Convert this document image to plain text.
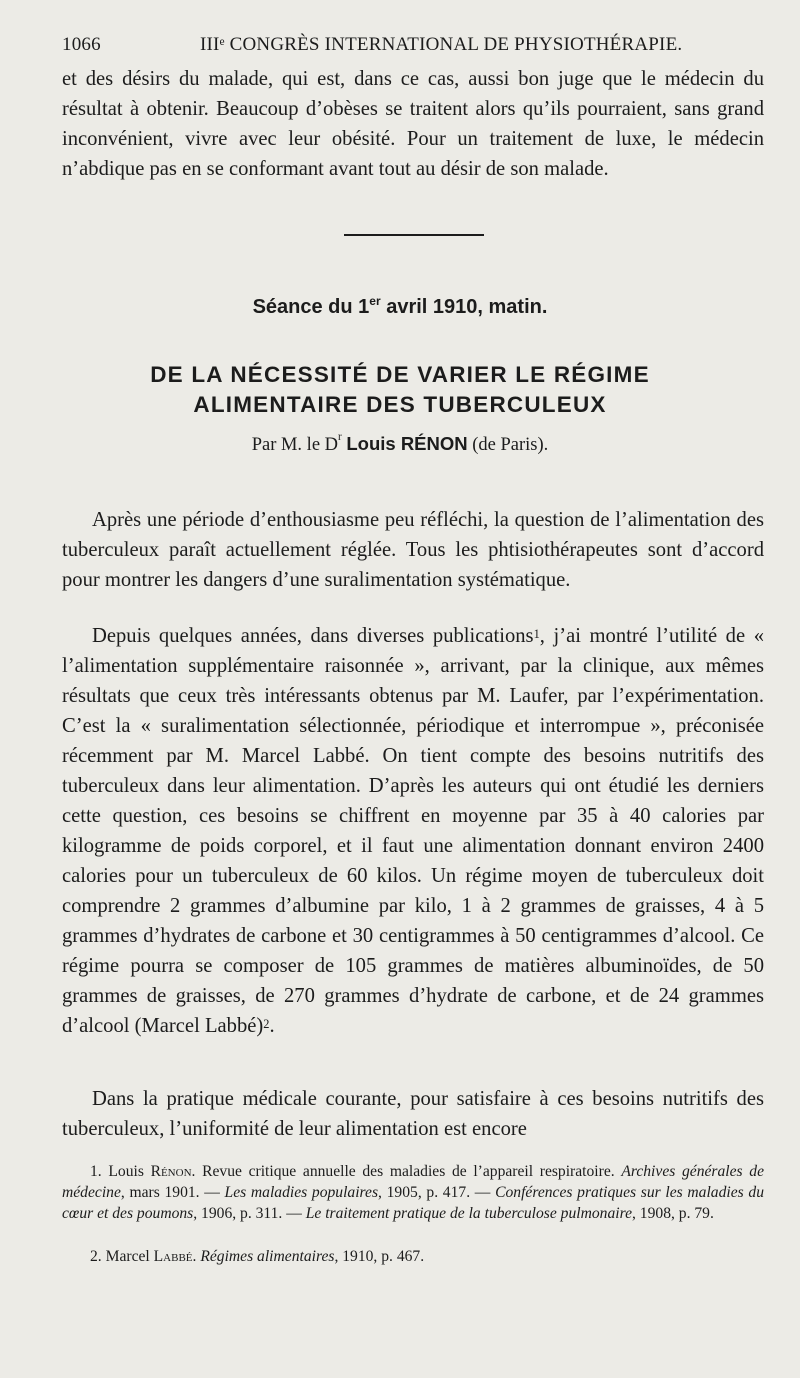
1066	IIIᵉ CONGRÈS INTERNATIONAL DE PHYSIOTHÉRAPIE.

et des désirs du malade, qui est, dans ce cas, aussi bon juge que le médecin du résultat à obtenir. Beaucoup d’obèses se traitent alors qu’ils pourraient, sans grand inconvénient, vivre avec leur obésité. Pour un traitement de luxe, le médecin n’abdique pas en se conformant avant tout au désir de son malade.

Séance du 1er avril 1910, matin.
DE LA NÉCESSITÉ DE VARIER LE RÉGIME
ALIMENTAIRE DES TUBERCULEUX
Par M. le $D^r$ Louis RÉNON (de Paris).

Après une période d’enthousiasme peu réfléchi, la question de l’alimentation des tuberculeux paraît actuellement réglée. Tous les phtisiothérapeutes sont d’accord pour montrer les dangers d’une suralimentation systématique.

Depuis quelques années, dans diverses publications$^1$, j’ai montré l’utilité de « l’alimentation supplémentaire raisonnée », arrivant, par la clinique, aux mêmes résultats que ceux très intéressants obtenus par M. Laufer, par l’expérimentation. C’est la « suralimentation sélectionnée, périodique et interrompue », préconisée récemment par M. Marcel Labbé. On tient compte des besoins nutritifs des tuberculeux dans leur alimentation. D’après les auteurs qui ont étudié les derniers cette question, ces besoins se chiffrent en moyenne par 35 à 40 calories par kilogramme de poids corporel, et il faut une alimentation donnant environ 2400 calories pour un tuberculeux de 60 kilos. Un régime moyen de tuberculeux doit comprendre 2 grammes d’albumine par kilo, 1 à 2 grammes de graisses, 4 à 5 grammes d’hydrates de carbone et 30 centigrammes à 50 centigrammes d’alcool. Ce régime pourra se composer de 105 grammes de matières albuminoïdes, de 50 grammes de graisses, de 270 grammes d’hydrate de carbone, et de 24 grammes d’alcool (Marcel Labbé)$^2$.

Dans la pratique médicale courante, pour satisfaire à ces besoins nutritifs des tuberculeux, l’uniformité de leur alimentation est encore

1. Louis Rénon. Revue critique annuelle des maladies de l’appareil respiratoire. Archives générales de médecine, mars 1901. — Les maladies populaires, 1905, p. 417. — Conférences pratiques sur les maladies du cœur et des poumons, 1906, p. 311. — Le traitement pratique de la tuberculose pulmonaire, 1908, p. 79.

2. Marcel Labbé. Régimes alimentaires, 1910, p. 467.
